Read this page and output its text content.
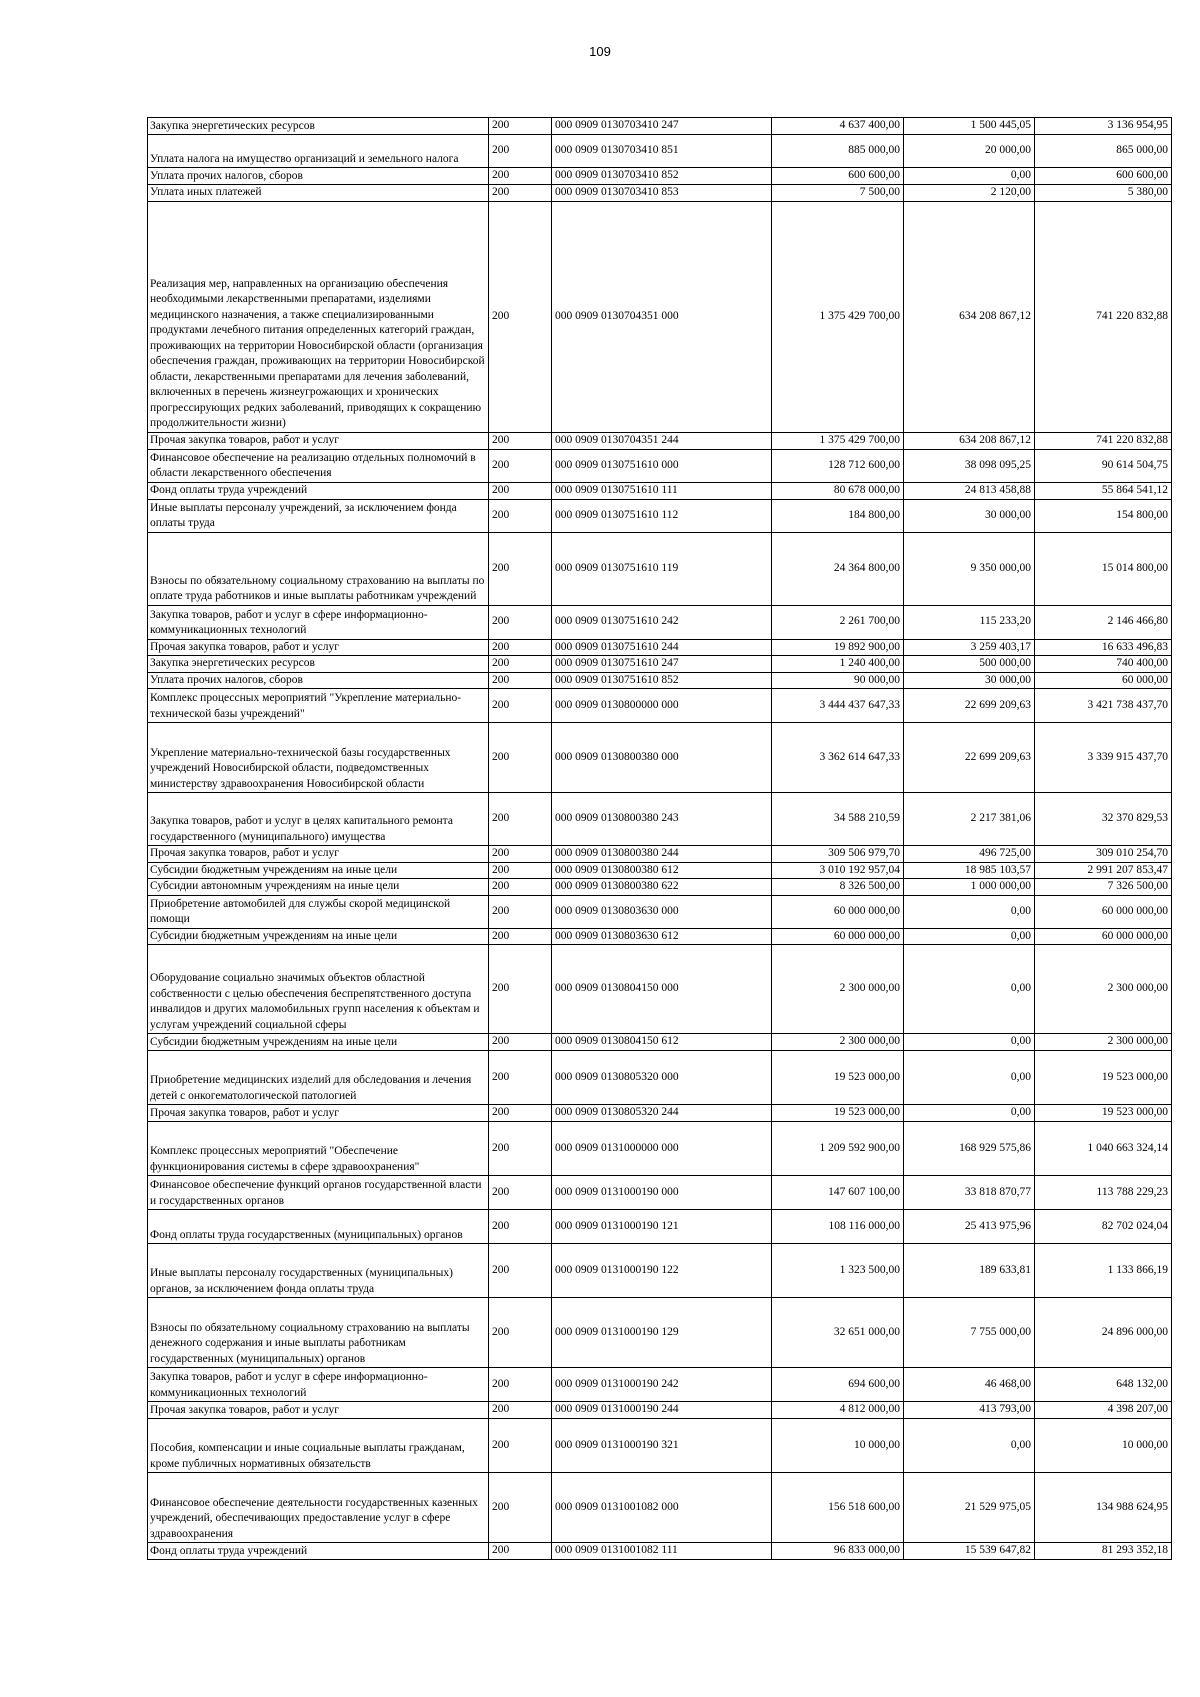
109
Закупка энергетических ресурсов	200	000 0909 0130703410 247	4 637 400,00	1 500 445,05	3 136 954,95
Уплата налога на имущество организаций и земельного налога	200	000 0909 0130703410 851	885 000,00	20 000,00	865 000,00
Уплата прочих налогов, сборов	200	000 0909 0130703410 852	600 600,00	0,00	600 600,00
Уплата иных платежей	200	000 0909 0130703410 853	7 500,00	2 120,00	5 380,00
Реализация мер, направленных на организацию обеспечения необходимыми лекарственными препаратами, изделиями медицинского назначения, а также специализированными продуктами лечебного питания определенных категорий граждан, проживающих на территории Новосибирской области (организация обеспечения граждан, проживающих на территории Новосибирской области, лекарственными препаратами для лечения заболеваний, включенных в перечень жизнеугрожающих и хронических прогрессирующих редких заболеваний, приводящих к сокращению продолжительности жизни)	200	000 0909 0130704351 000	1 375 429 700,00	634 208 867,12	741 220 832,88
Прочая закупка товаров, работ и услуг	200	000 0909 0130704351 244	1 375 429 700,00	634 208 867,12	741 220 832,88
Финансовое обеспечение на реализацию отдельных полномочий в области лекарственного обеспечения	200	000 0909 0130751610 000	128 712 600,00	38 098 095,25	90 614 504,75
Фонд оплаты труда учреждений	200	000 0909 0130751610 111	80 678 000,00	24 813 458,88	55 864 541,12
Иные выплаты персоналу учреждений, за исключением фонда оплаты труда	200	000 0909 0130751610 112	184 800,00	30 000,00	154 800,00
Взносы по обязательному социальному страхованию на выплаты по оплате труда работников и иные выплаты работникам учреждений	200	000 0909 0130751610 119	24 364 800,00	9 350 000,00	15 014 800,00
Закупка товаров, работ и услуг в сфере информационно-коммуникационных технологий	200	000 0909 0130751610 242	2 261 700,00	115 233,20	2 146 466,80
Прочая закупка товаров, работ и услуг	200	000 0909 0130751610 244	19 892 900,00	3 259 403,17	16 633 496,83
Закупка энергетических ресурсов	200	000 0909 0130751610 247	1 240 400,00	500 000,00	740 400,00
Уплата прочих налогов, сборов	200	000 0909 0130751610 852	90 000,00	30 000,00	60 000,00
Комплекс процессных мероприятий "Укрепление материально-технической базы учреждений"	200	000 0909 0130800000 000	3 444 437 647,33	22 699 209,63	3 421 738 437,70
Укрепление материально-технической базы государственных учреждений Новосибирской области, подведомственных министерству здравоохранения Новосибирской области	200	000 0909 0130800380 000	3 362 614 647,33	22 699 209,63	3 339 915 437,70
Закупка товаров, работ и услуг в целях капитального ремонта государственного (муниципального) имущества	200	000 0909 0130800380 243	34 588 210,59	2 217 381,06	32 370 829,53
Прочая закупка товаров, работ и услуг	200	000 0909 0130800380 244	309 506 979,70	496 725,00	309 010 254,70
Субсидии бюджетным учреждениям на иные цели	200	000 0909 0130800380 612	3 010 192 957,04	18 985 103,57	2 991 207 853,47
Субсидии автономным учреждениям на иные цели	200	000 0909 0130800380 622	8 326 500,00	1 000 000,00	7 326 500,00
Приобретение автомобилей для службы скорой медицинской помощи	200	000 0909 0130803630 000	60 000 000,00	0,00	60 000 000,00
Субсидии бюджетным учреждениям на иные цели	200	000 0909 0130803630 612	60 000 000,00	0,00	60 000 000,00
Оборудование социально значимых объектов областной собственности с целью обеспечения беспрепятственного доступа инвалидов и других маломобильных групп населения к объектам и услугам учреждений социальной сферы	200	000 0909 0130804150 000	2 300 000,00	0,00	2 300 000,00
Субсидии бюджетным учреждениям на иные цели	200	000 0909 0130804150 612	2 300 000,00	0,00	2 300 000,00
Приобретение медицинских изделий для обследования и лечения детей с онкогематологической патологией	200	000 0909 0130805320 000	19 523 000,00	0,00	19 523 000,00
Прочая закупка товаров, работ и услуг	200	000 0909 0130805320 244	19 523 000,00	0,00	19 523 000,00
Комплекс процессных мероприятий "Обеспечение функционирования системы в сфере здравоохранения"	200	000 0909 0131000000 000	1 209 592 900,00	168 929 575,86	1 040 663 324,14
Финансовое обеспечение функций органов государственной власти и государственных органов	200	000 0909 0131000190 000	147 607 100,00	33 818 870,77	113 788 229,23
Фонд оплаты труда государственных (муниципальных) органов	200	000 0909 0131000190 121	108 116 000,00	25 413 975,96	82 702 024,04
Иные выплаты персоналу государственных (муниципальных) органов, за исключением фонда оплаты труда	200	000 0909 0131000190 122	1 323 500,00	189 633,81	1 133 866,19
Взносы по обязательному социальному страхованию на выплаты денежного содержания и иные выплаты работникам государственных (муниципальных) органов	200	000 0909 0131000190 129	32 651 000,00	7 755 000,00	24 896 000,00
Закупка товаров, работ и услуг в сфере информационно-коммуникационных технологий	200	000 0909 0131000190 242	694 600,00	46 468,00	648 132,00
Прочая закупка товаров, работ и услуг	200	000 0909 0131000190 244	4 812 000,00	413 793,00	4 398 207,00
Пособия, компенсации и иные социальные выплаты гражданам, кроме публичных нормативных обязательств	200	000 0909 0131000190 321	10 000,00	0,00	10 000,00
Финансовое обеспечение деятельности государственных казенных учреждений, обеспечивающих предоставление услуг в сфере здравоохранения	200	000 0909 0131001082 000	156 518 600,00	21 529 975,05	134 988 624,95
Фонд оплаты труда учреждений	200	000 0909 0131001082 111	96 833 000,00	15 539 647,82	81 293 352,18
